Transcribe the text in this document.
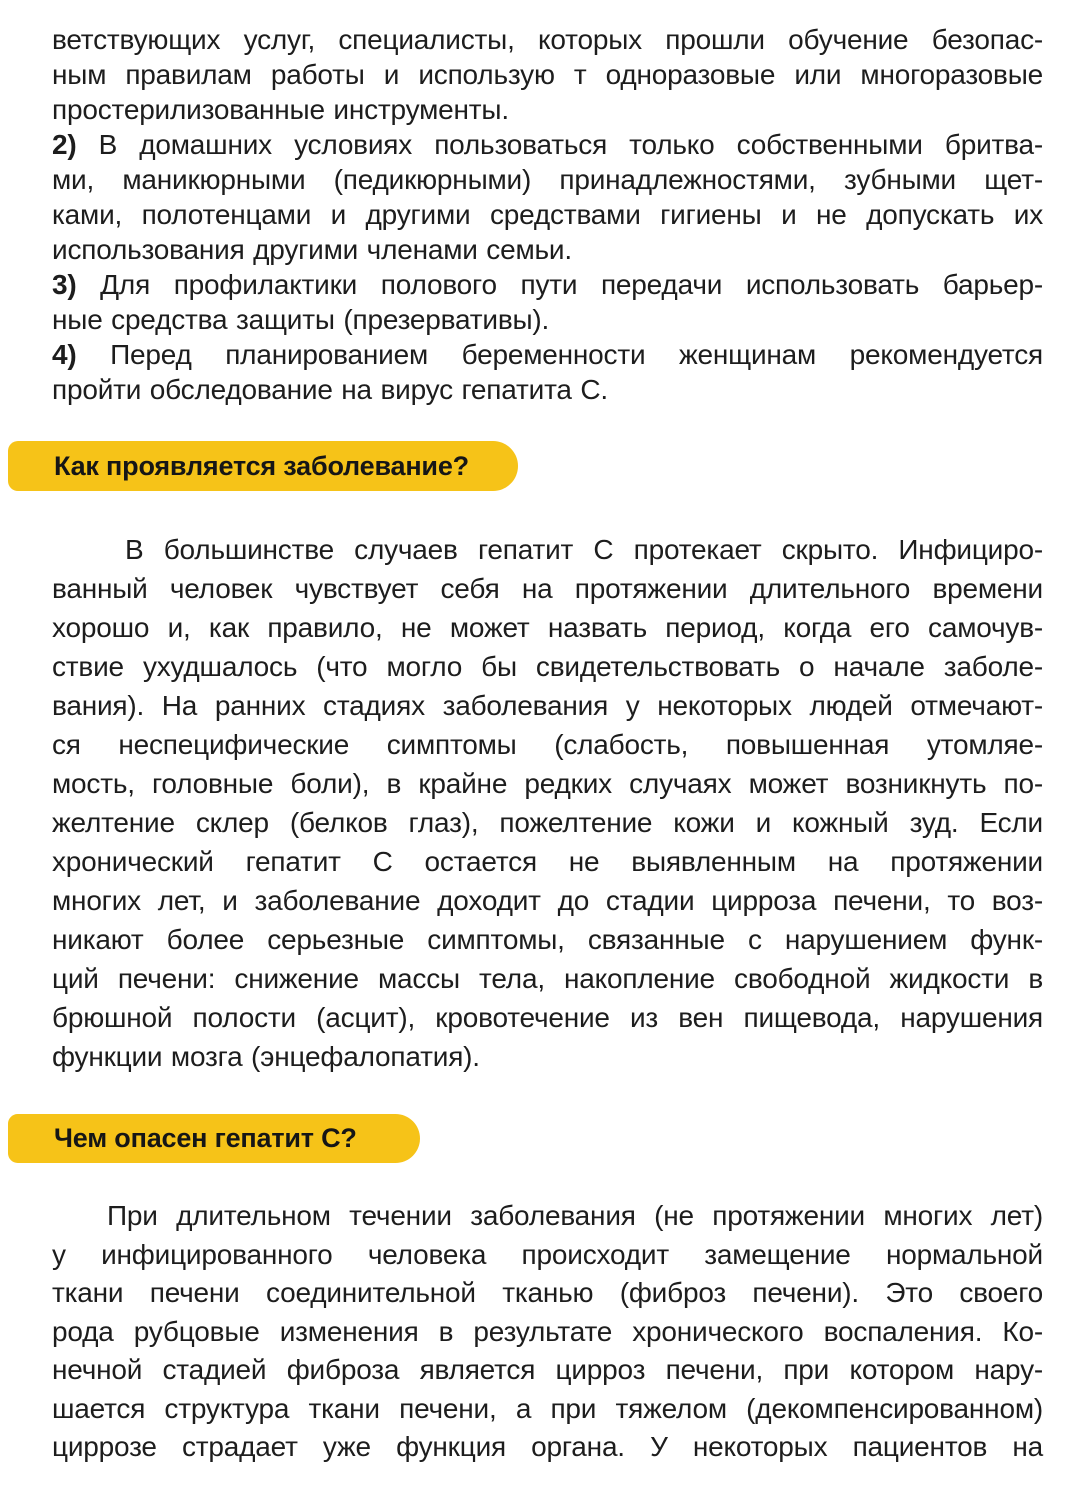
ветствующих услуг, специалисты, которых прошли обучение безопас-

ным правилам работы и использую т одноразовые или многоразовые

простерилизованные инструменты.

2) В домашних условиях пользоваться только собственными бритва-

ми, маникюрными (педикюрными) принадлежностями, зубными щет-

ками, полотенцами и другими средствами гигиены и не допускать их

использования другими членами семьи.

3) Для профилактики полового пути передачи использовать барьер-

ные средства защиты (презервативы).

4) Перед планированием беременности женщинам рекомендуется

пройти обследование на вирус гепатита С.

Как проявляется заболевание?

В большинстве случаев гепатит С протекает скрыто. Инфициро-

ванный человек чувствует себя на протяжении длительного времени

хорошо и, как правило, не может назвать период, когда его самочув-

ствие ухудшалось (что могло бы свидетельствовать о начале заболе-

вания). На ранних стадиях заболевания у некоторых людей отмечают-

ся неспецифические симптомы (слабость, повышенная утомляе-

мость, головные боли), в крайне редких случаях может возникнуть по-

желтение склер (белков глаз), пожелтение кожи и кожный зуд. Если

хронический гепатит С остается не выявленным на протяжении

многих лет, и заболевание доходит до стадии цирроза печени, то воз-

никают более серьезные симптомы, связанные с нарушением функ-

ций печени: снижение массы тела, накопление свободной жидкости в

брюшной полости (асцит), кровотечение из вен пищевода, нарушения

функции мозга (энцефалопатия).

Чем опасен гепатит С?

При длительном течении заболевания (не протяжении многих лет)

у инфицированного человека происходит замещение нормальной

ткани печени соединительной тканью (фиброз печени). Это своего

рода рубцовые изменения в результате хронического воспаления. Ко-

нечной стадией фиброза является цирроз печени, при котором нару-

шается структура ткани печени, а при тяжелом (декомпенсированном)

циррозе страдает уже функция органа. У некоторых пациентов на
